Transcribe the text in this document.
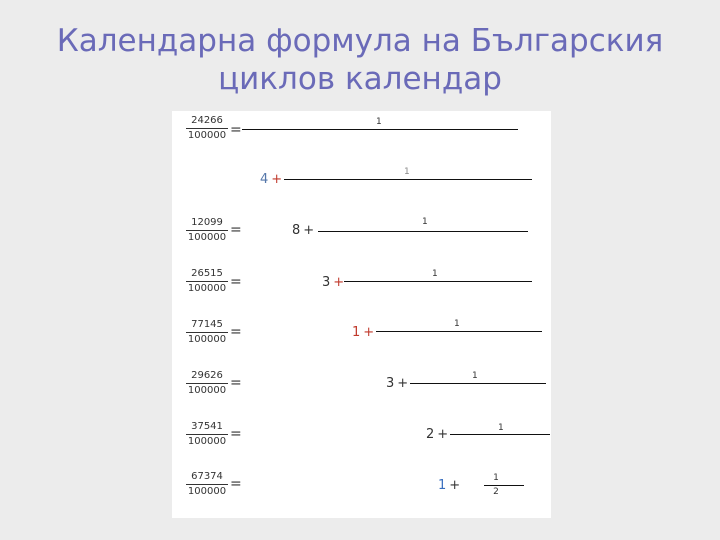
Календарна формула на Българския
циклов календар
24266
100000 =	1
4 +	1
12099
100000 =	8 +
1
26515
100000 =	3 +
1
77145
100000 =	1 +
1
29626
100000 =	3 +	1
37541
100000 =	2 +	1
67374
100000 =	1 +	1
2
